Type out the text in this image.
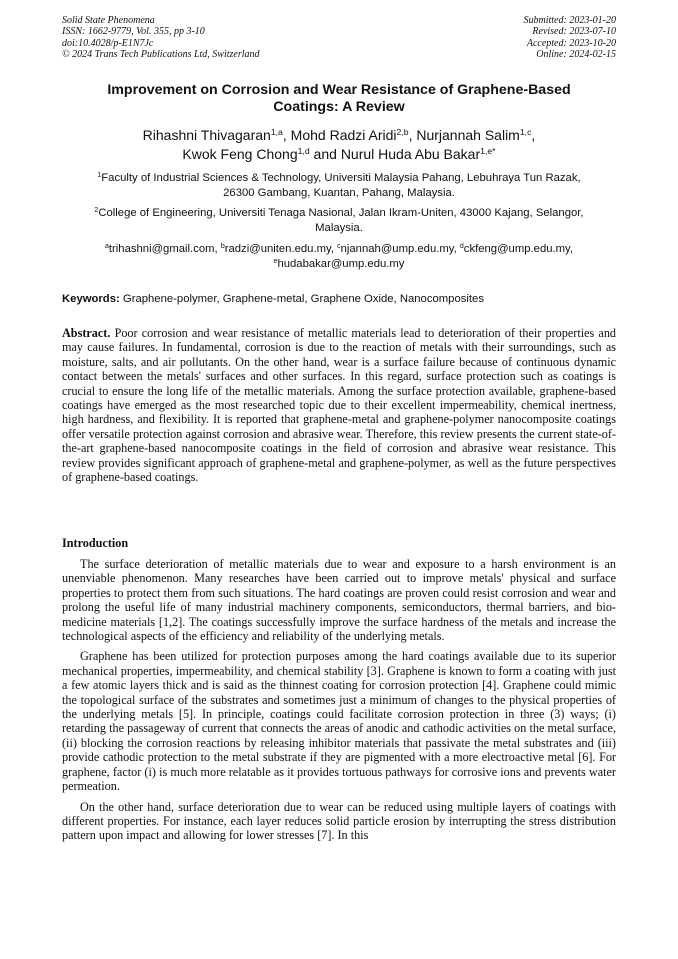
Solid State Phenomena
ISSN: 1662-9779, Vol. 355, pp 3-10
doi:10.4028/p-E1N7Jc
© 2024 Trans Tech Publications Ltd, Switzerland
Submitted: 2023-01-20
Revised: 2023-07-10
Accepted: 2023-10-20
Online: 2024-02-15
Improvement on Corrosion and Wear Resistance of Graphene-Based
Coatings: A Review
Rihashni Thivagaran$^{1,a}$, Mohd Radzi Aridi$^{2,b}$, Nurjannah Salim$^{1,c}$,
Kwok Feng Chong$^{1,d}$ and Nurul Huda Abu Bakar$^{1,e*}$
$^1$Faculty of Industrial Sciences & Technology, Universiti Malaysia Pahang, Lebuhraya Tun Razak,
26300 Gambang, Kuantan, Pahang, Malaysia.
$^2$College of Engineering, Universiti Tenaga Nasional, Jalan Ikram-Uniten, 43000 Kajang, Selangor,
Malaysia.
$^a$trihashni@gmail.com, $^b$radzi@uniten.edu.my, $^c$njannah@ump.edu.my, $^d$ckfeng@ump.edu.my,
$^e$hudabakar@ump.edu.my
Keywords: Graphene-polymer, Graphene-metal, Graphene Oxide, Nanocomposites

Abstract. Poor corrosion and wear resistance of metallic materials lead to deterioration of their properties and may cause failures. In fundamental, corrosion is due to the reaction of metals with their surroundings, such as moisture, salts, and air pollutants. On the other hand, wear is a surface failure because of continuous dynamic contact between the metals' surfaces and other surfaces. In this regard, surface protection such as coatings is crucial to ensure the long life of the metallic materials. Among the surface protection available, graphene-based coatings have emerged as the most researched topic due to their excellent impermeability, chemical inertness, high hardness, and flexibility. It is reported that graphene-metal and graphene-polymer nanocomposite coatings offer versatile protection against corrosion and abrasive wear. Therefore, this review presents the current state-of-the-art graphene-based nanocomposite coatings in the field of corrosion and abrasive wear resistance. This review provides significant approach of graphene-metal and graphene-polymer, as well as the future perspectives of graphene-based coatings.

Introduction

The surface deterioration of metallic materials due to wear and exposure to a harsh environment is an unenviable phenomenon. Many researches have been carried out to improve metals' physical and surface properties to protect them from such situations. The hard coatings are proven could resist corrosion and wear and prolong the useful life of many industrial machinery components, semiconductors, thermal barriers, and bio-medicine materials [1,2]. The coatings successfully improve the surface hardness of the metals and increase the technological aspects of the efficiency and reliability of the underlying metals.

Graphene has been utilized for protection purposes among the hard coatings available due to its superior mechanical properties, impermeability, and chemical stability [3]. Graphene is known to form a coating with just a few atomic layers thick and is said as the thinnest coating for corrosion protection [4]. Graphene could mimic the topological surface of the substrates and sometimes just a minimum of changes to the physical properties of the underlying metals [5]. In principle, coatings could facilitate corrosion protection in three (3) ways; (i) retarding the passageway of current that connects the areas of anodic and cathodic activities on the metal surface, (ii) blocking the corrosion reactions by releasing inhibitor materials that passivate the metal substrates and (iii) provide cathodic protection to the metal substrate if they are pigmented with a more electroactive metal [6]. For graphene, factor (i) is much more relatable as it provides tortuous pathways for corrosive ions and prevents water permeation.

On the other hand, surface deterioration due to wear can be reduced using multiple layers of coatings with different properties. For instance, each layer reduces solid particle erosion by interrupting the stress distribution pattern upon impact and allowing for lower stresses [7]. In this
